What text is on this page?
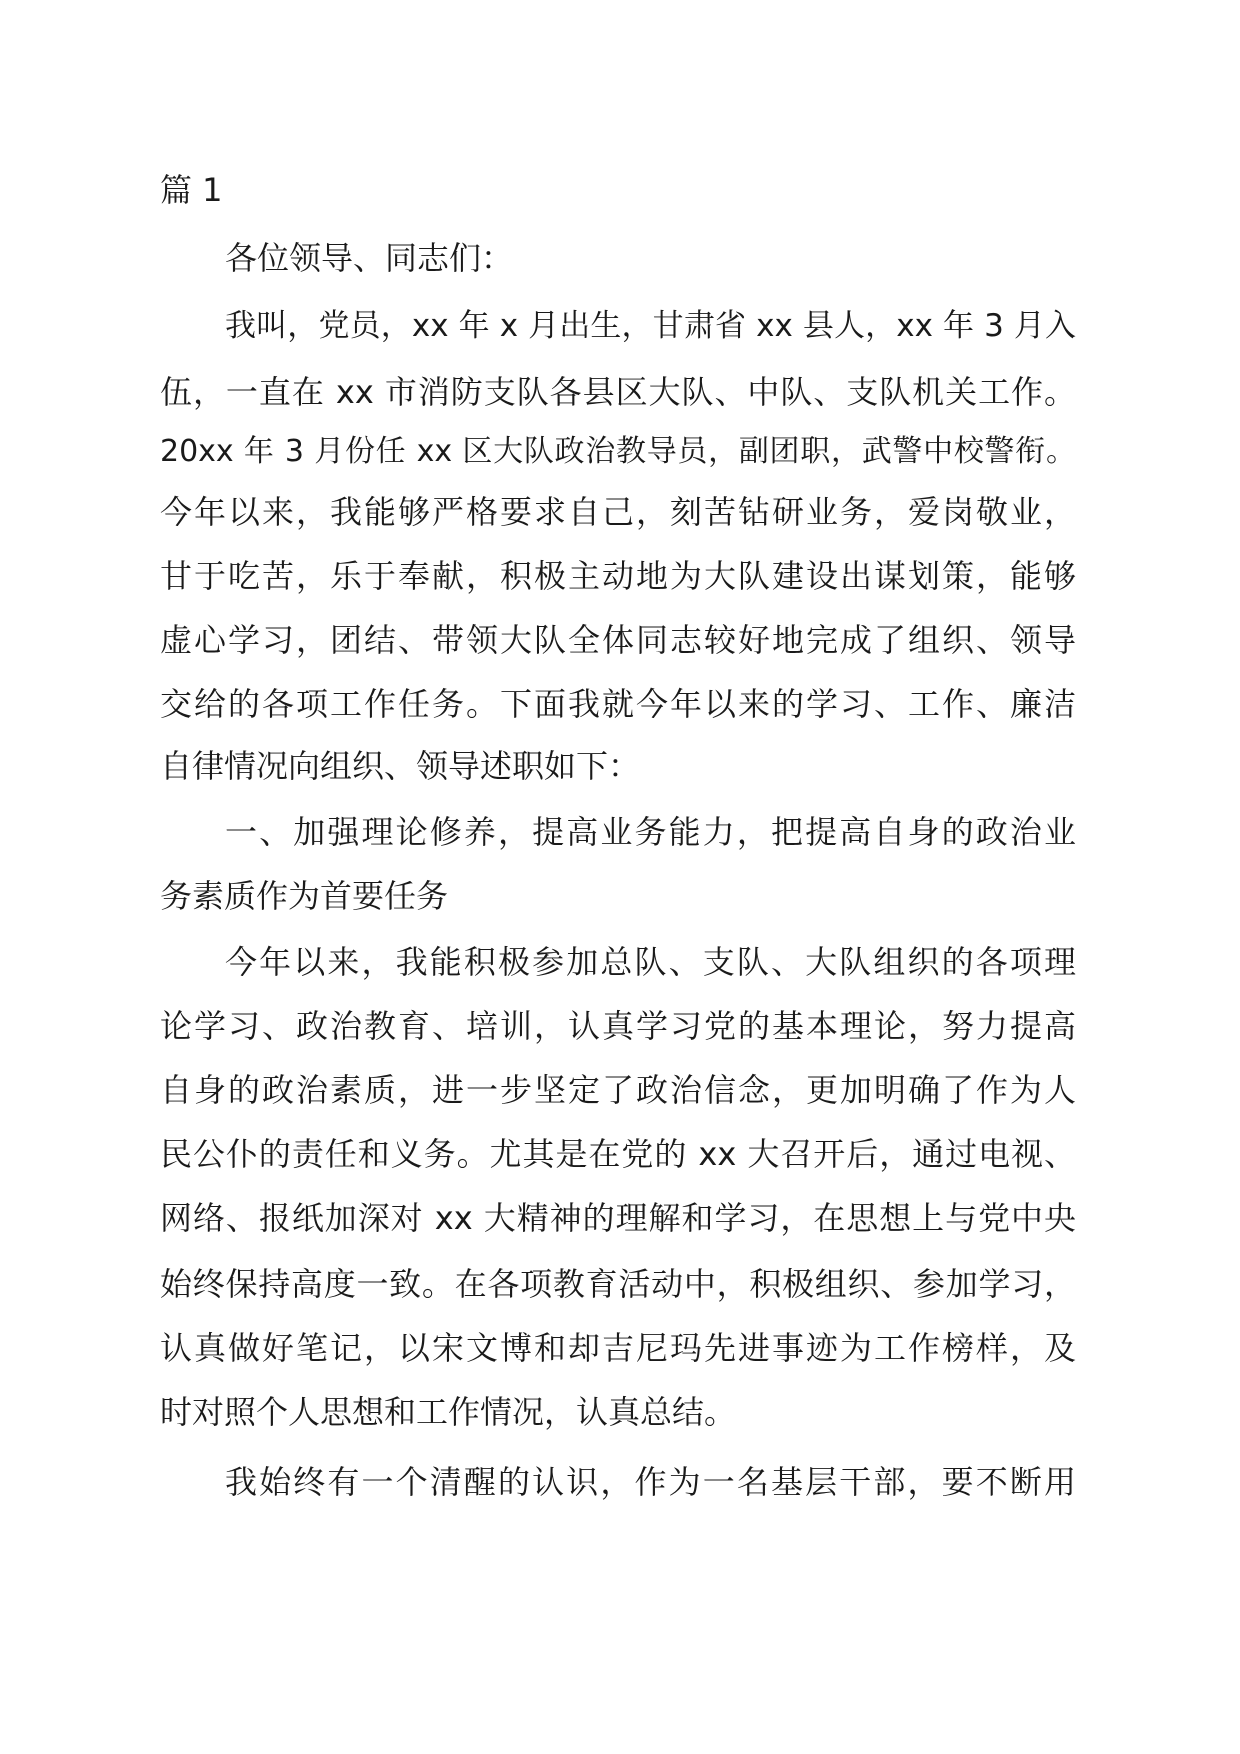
篇 1

各位领导、同志们：

我叫，党员，xx 年 x 月出生，甘肃省 xx 县人，xx 年 3 月入

伍，一直在 xx 市消防支队各县区大队、中队、支队机关工作。

20xx 年 3 月份任 xx 区大队政治教导员，副团职，武警中校警衔。

今年以来，我能够严格要求自己，刻苦钻研业务，爱岗敬业，

甘于吃苦，乐于奉献，积极主动地为大队建设出谋划策，能够

虚心学习，团结、带领大队全体同志较好地完成了组织、领导

交给的各项工作任务。下面我就今年以来的学习、工作、廉洁

自律情况向组织、领导述职如下：

一、加强理论修养，提高业务能力，把提高自身的政治业

务素质作为首要任务

今年以来，我能积极参加总队、支队、大队组织的各项理

论学习、政治教育、培训，认真学习党的基本理论，努力提高

自身的政治素质，进一步坚定了政治信念，更加明确了作为人

民公仆的责任和义务。尤其是在党的 xx 大召开后，通过电视、

网络、报纸加深对 xx 大精神的理解和学习，在思想上与党中央

始终保持高度一致。在各项教育活动中，积极组织、参加学习，

认真做好笔记，以宋文博和却吉尼玛先进事迹为工作榜样，及

时对照个人思想和工作情况，认真总结。

我始终有一个清醒的认识，作为一名基层干部，要不断用
